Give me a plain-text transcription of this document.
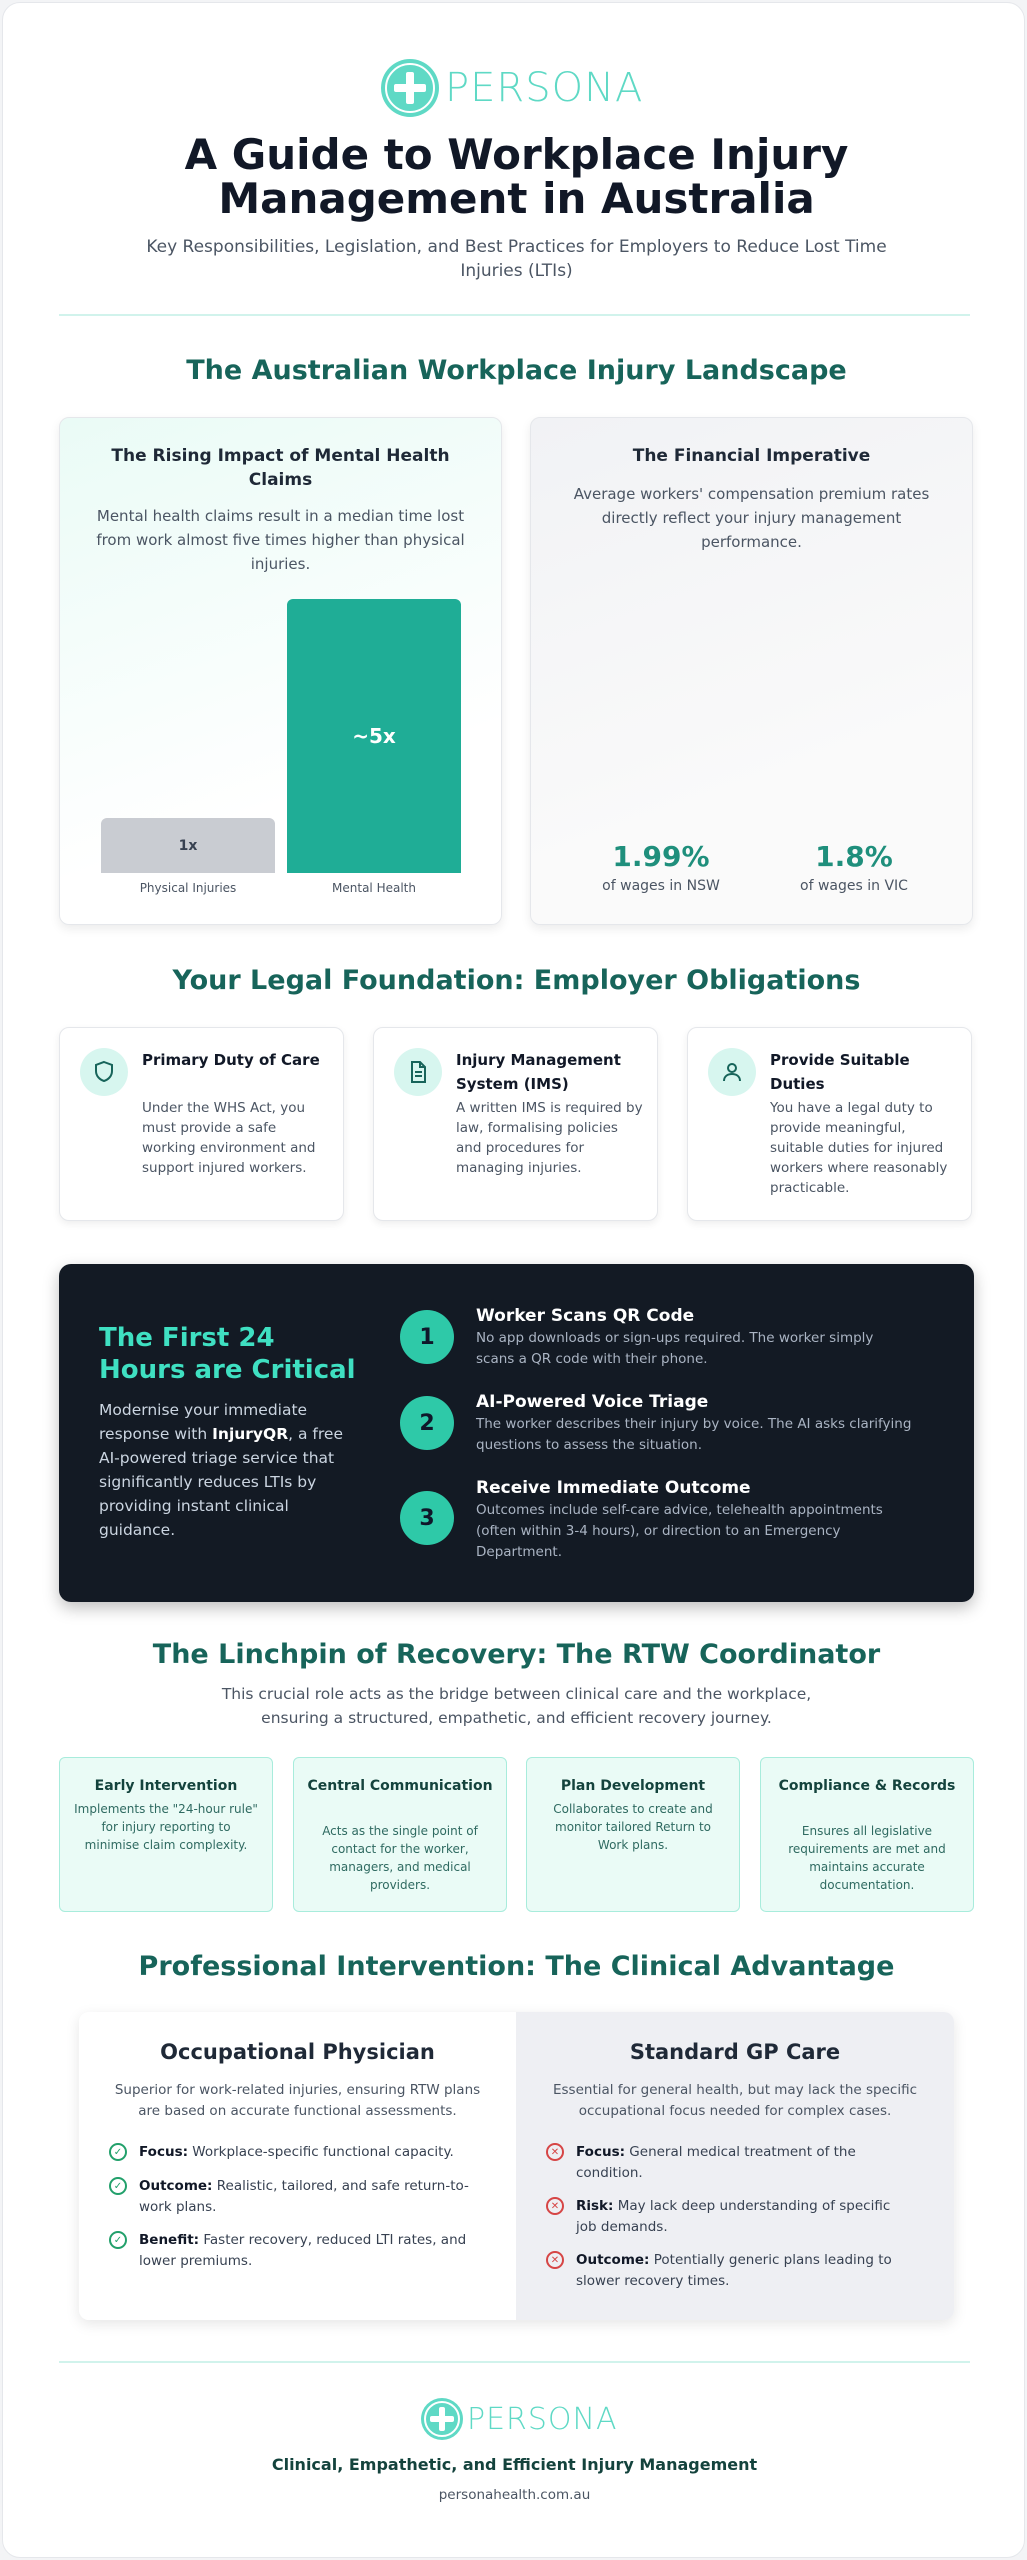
PERSONA
A Guide to Workplace Injury Management in Australia
Key Responsibilities, Legislation, and Best Practices for Employers to Reduce Lost Time Injuries (LTIs)
The Australian Workplace Injury Landscape
The Rising Impact of Mental Health Claims
Mental health claims result in a median time lost from work almost five times higher than physical injuries.
1x
Physical Injuries
~5x
Mental Health
The Financial Imperative
Average workers' compensation premium rates directly reflect your injury management performance.
1.99%
of wages in NSW
1.8%
of wages in VIC
Your Legal Foundation: Employer Obligations
Primary Duty of Care
Under the WHS Act, you must provide a safe working environment and support injured workers.
Injury Management System (IMS)
A written IMS is required by law, formalising policies and procedures for managing injuries.
Provide Suitable Duties
You have a legal duty to provide meaningful, suitable duties for injured workers where reasonably practicable.
The First 24 Hours are Critical
Modernise your immediate response with InjuryQR, a free AI-powered triage service that significantly reduces LTIs by providing instant clinical guidance.
1
Worker Scans QR Code
No app downloads or sign-ups required. The worker simply scans a QR code with their phone.
2
AI-Powered Voice Triage
The worker describes their injury by voice. The AI asks clarifying questions to assess the situation.
3
Receive Immediate Outcome
Outcomes include self-care advice, telehealth appointments (often within 3-4 hours), or direction to an Emergency Department.
The Linchpin of Recovery: The RTW Coordinator
This crucial role acts as the bridge between clinical care and the workplace, ensuring a structured, empathetic, and efficient recovery journey.
Early Intervention
Implements the "24-hour rule" for injury reporting to minimise claim complexity.
Central Communication
Acts as the single point of contact for the worker, managers, and medical providers.
Plan Development
Collaborates to create and monitor tailored Return to Work plans.
Compliance & Records
Ensures all legislative requirements are met and maintains accurate documentation.
Professional Intervention: The Clinical Advantage
Occupational Physician
Superior for work-related injuries, ensuring RTW plans are based on accurate functional assessments.
✓	Focus: Workplace-specific functional capacity.
✓	Outcome: Realistic, tailored, and safe return-to-work plans.
✓	Benefit: Faster recovery, reduced LTI rates, and lower premiums.
Standard GP Care
Essential for general health, but may lack the specific occupational focus needed for complex cases.
✕	Focus: General medical treatment of the condition.
✕	Risk: May lack deep understanding of specific job demands.
✕	Outcome: Potentially generic plans leading to slower recovery times.
PERSONA
Clinical, Empathetic, and Efficient Injury Management
personahealth.com.au
